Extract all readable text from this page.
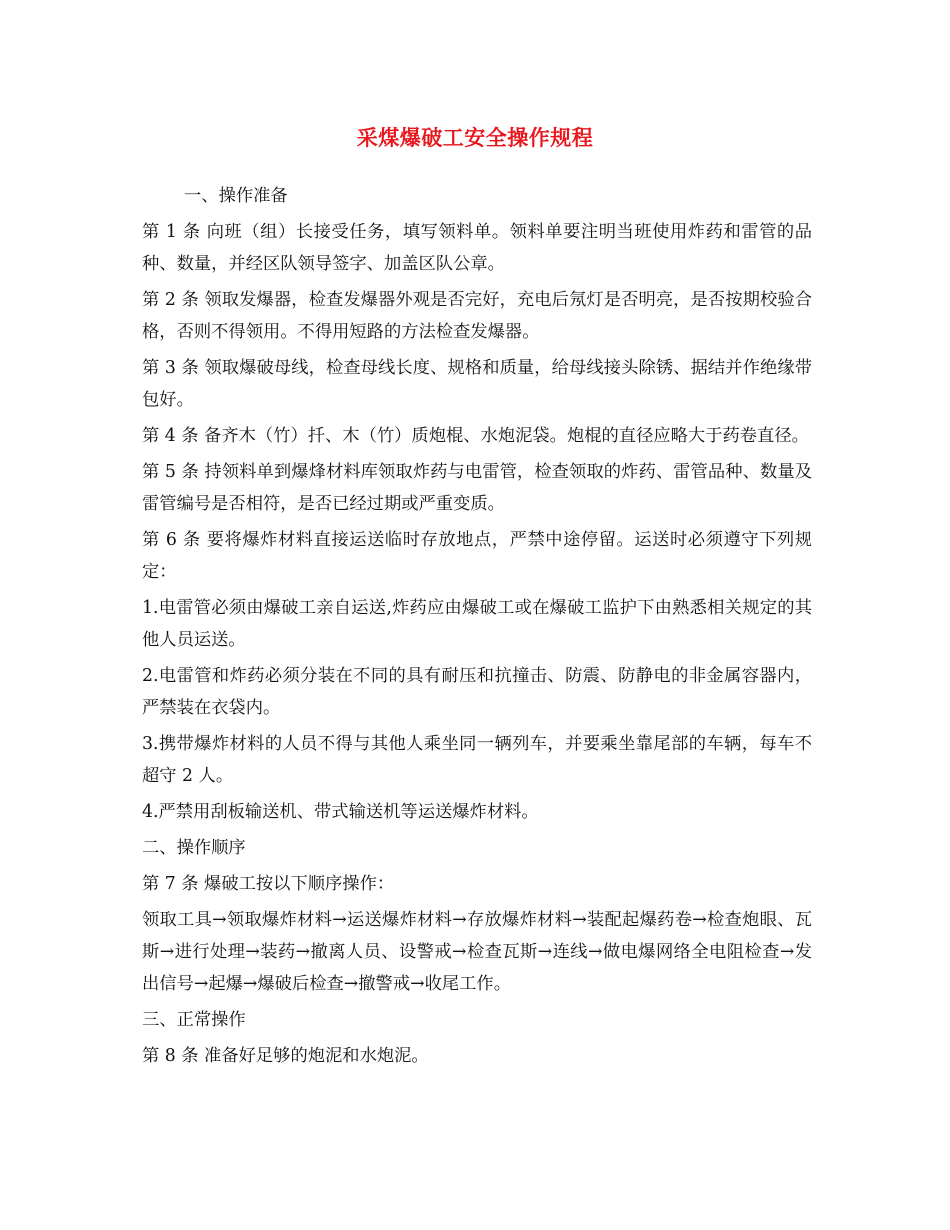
采煤爆破工安全操作规程

一、操作准备

第 1 条 向班（组）长接受任务，填写领料单。领料单要注明当班使用炸药和雷管的品种、数量，并经区队领导签字、加盖区队公章。

第 2 条 领取发爆器，检查发爆器外观是否完好，充电后氖灯是否明亮，是否按期校验合格，否则不得领用。不得用短路的方法检查发爆器。

第 3 条 领取爆破母线，检查母线长度、规格和质量，给母线接头除锈、据结并作绝缘带包好。

第 4 条 备齐木（竹）扦、木（竹）质炮棍、水炮泥袋。炮棍的直径应略大于药卷直径。

第 5 条 持领料单到爆烽材料库领取炸药与电雷管，检查领取的炸药、雷管品种、数量及雷管编号是否相符，是否已经过期或严重变质。

第 6 条 要将爆炸材料直接运送临时存放地点，严禁中途停留。运送时必须遵守下列规定：

1.电雷管必须由爆破工亲自运送,炸药应由爆破工或在爆破工监护下由熟悉相关规定的其他人员运送。

2.电雷管和炸药必须分装在不同的具有耐压和抗撞击、防震、防静电的非金属容器内，严禁装在衣袋内。

3.携带爆炸材料的人员不得与其他人乘坐同一辆列车，并要乘坐靠尾部的车辆，每车不超守 2 人。

4.严禁用刮板输送机、带式输送机等运送爆炸材料。

二、操作顺序

第 7 条 爆破工按以下顺序操作：

领取工具→领取爆炸材料→运送爆炸材料→存放爆炸材料→装配起爆药卷→检查炮眼、瓦斯→进行处理→装药→撤离人员、设警戒→检查瓦斯→连线→做电爆网络全电阻检查→发出信号→起爆→爆破后检查→撤警戒→收尾工作。

三、正常操作

第 8 条 准备好足够的炮泥和水炮泥。
